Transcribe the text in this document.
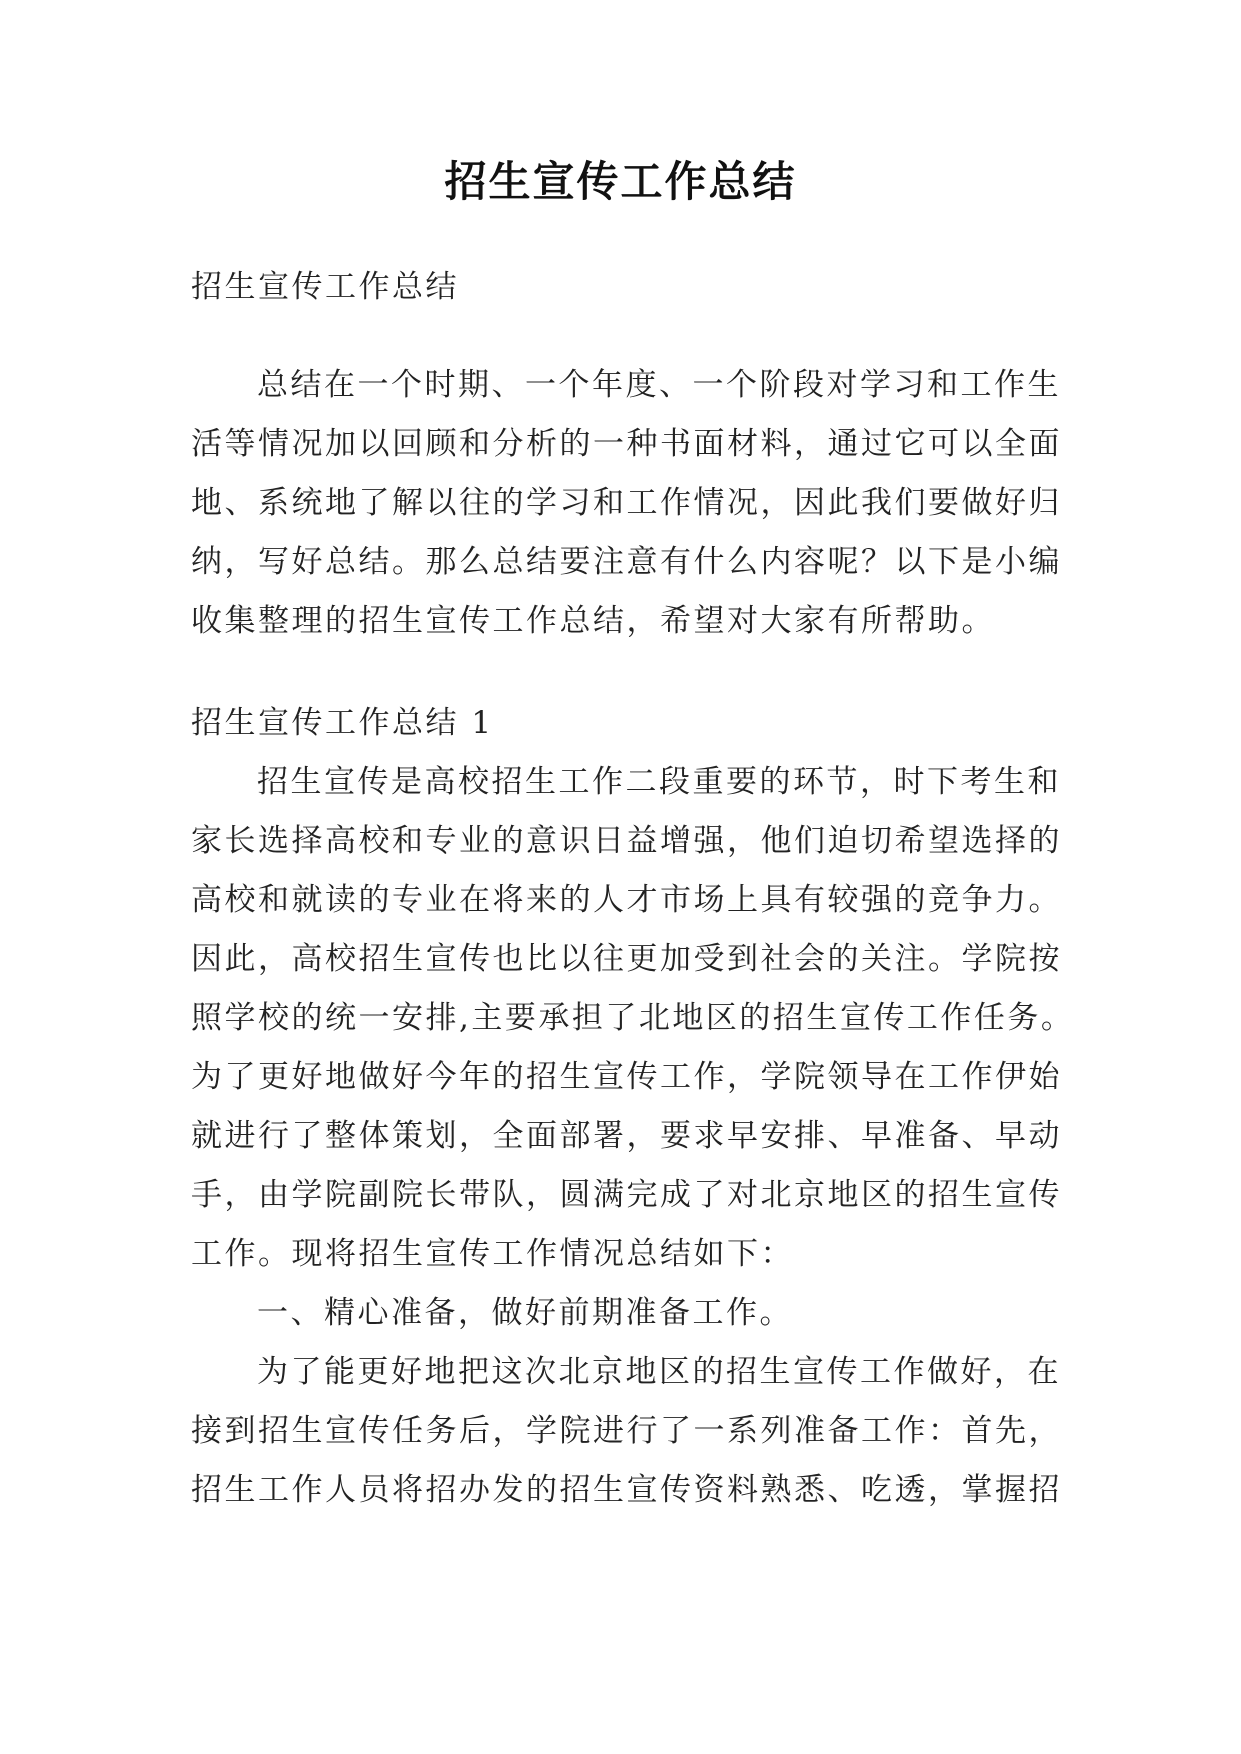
招生宣传工作总结
招生宣传工作总结
总结在一个时期、一个年度、一个阶段对学习和工作生
活等情况加以回顾和分析的一种书面材料，通过它可以全面
地、系统地了解以往的学习和工作情况，因此我们要做好归
纳，写好总结。那么总结要注意有什么内容呢？以下是小编
收集整理的招生宣传工作总结，希望对大家有所帮助。
招生宣传工作总结 1
招生宣传是高校招生工作二段重要的环节，时下考生和
家长选择高校和专业的意识日益增强，他们迫切希望选择的
高校和就读的专业在将来的人才市场上具有较强的竞争力。
因此，高校招生宣传也比以往更加受到社会的关注。学院按
照学校的统一安排,主要承担了北地区的招生宣传工作任务。
为了更好地做好今年的招生宣传工作，学院领导在工作伊始
就进行了整体策划，全面部署，要求早安排、早准备、早动
手，由学院副院长带队，圆满完成了对北京地区的招生宣传
工作。现将招生宣传工作情况总结如下：
一、精心准备，做好前期准备工作。
为了能更好地把这次北京地区的招生宣传工作做好，在
接到招生宣传任务后，学院进行了一系列准备工作：首先，
招生工作人员将招办发的招生宣传资料熟悉、吃透，掌握招
